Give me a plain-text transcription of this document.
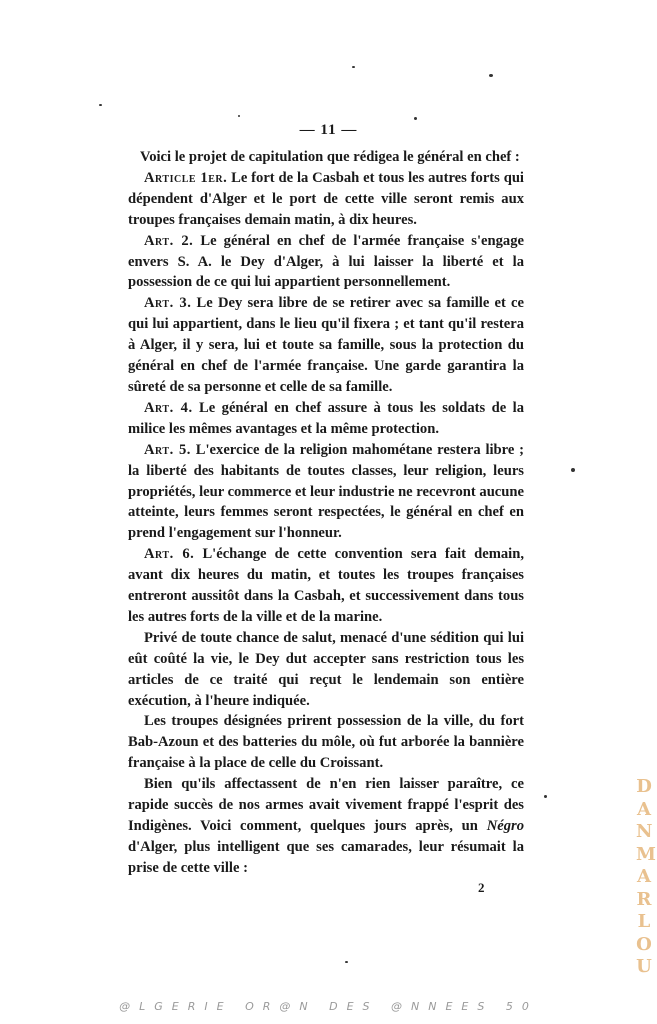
— 11 —

Voici le projet de capitulation que rédigea le général en chef :

Article 1er. Le fort de la Casbah et tous les autres forts qui dépendent d'Alger et le port de cette ville seront remis aux troupes françaises demain matin, à dix heures.

Art. 2. Le général en chef de l'armée française s'engage envers S. A. le Dey d'Alger, à lui laisser la liberté et la possession de ce qui lui appartient personnellement.

Art. 3. Le Dey sera libre de se retirer avec sa famille et ce qui lui appartient, dans le lieu qu'il fixera ; et tant qu'il restera à Alger, il y sera, lui et toute sa famille, sous la protection du général en chef de l'armée française. Une garde garantira la sûreté de sa personne et celle de sa famille.

Art. 4. Le général en chef assure à tous les soldats de la milice les mêmes avantages et la même protection.

Art. 5. L'exercice de la religion mahométane restera libre ; la liberté des habitants de toutes classes, leur religion, leurs propriétés, leur commerce et leur industrie ne recevront aucune atteinte, leurs femmes seront respectées, le général en chef en prend l'engagement sur l'honneur.

Art. 6. L'échange de cette convention sera fait demain, avant dix heures du matin, et toutes les troupes françaises entreront aussitôt dans la Casbah, et successivement dans tous les autres forts de la ville et de la marine.

Privé de toute chance de salut, menacé d'une sédition qui lui eût coûté la vie, le Dey dut accepter sans restriction tous les articles de ce traité qui reçut le lendemain son entière exécution, à l'heure indiquée.

Les troupes désignées prirent possession de la ville, du fort Bab-Azoun et des batteries du môle, où fut arborée la bannière française à la place de celle du Croissant.

Bien qu'ils affectassent de n'en rien laisser paraître, ce rapide succès de nos armes avait vivement frappé l'esprit des Indigènes. Voici comment, quelques jours après, un Négro d'Alger, plus intelligent que ses camarades, leur résumait la prise de cette ville :

2
DANMARLOU
@LGERIE OR@N DES @NNEES 50
